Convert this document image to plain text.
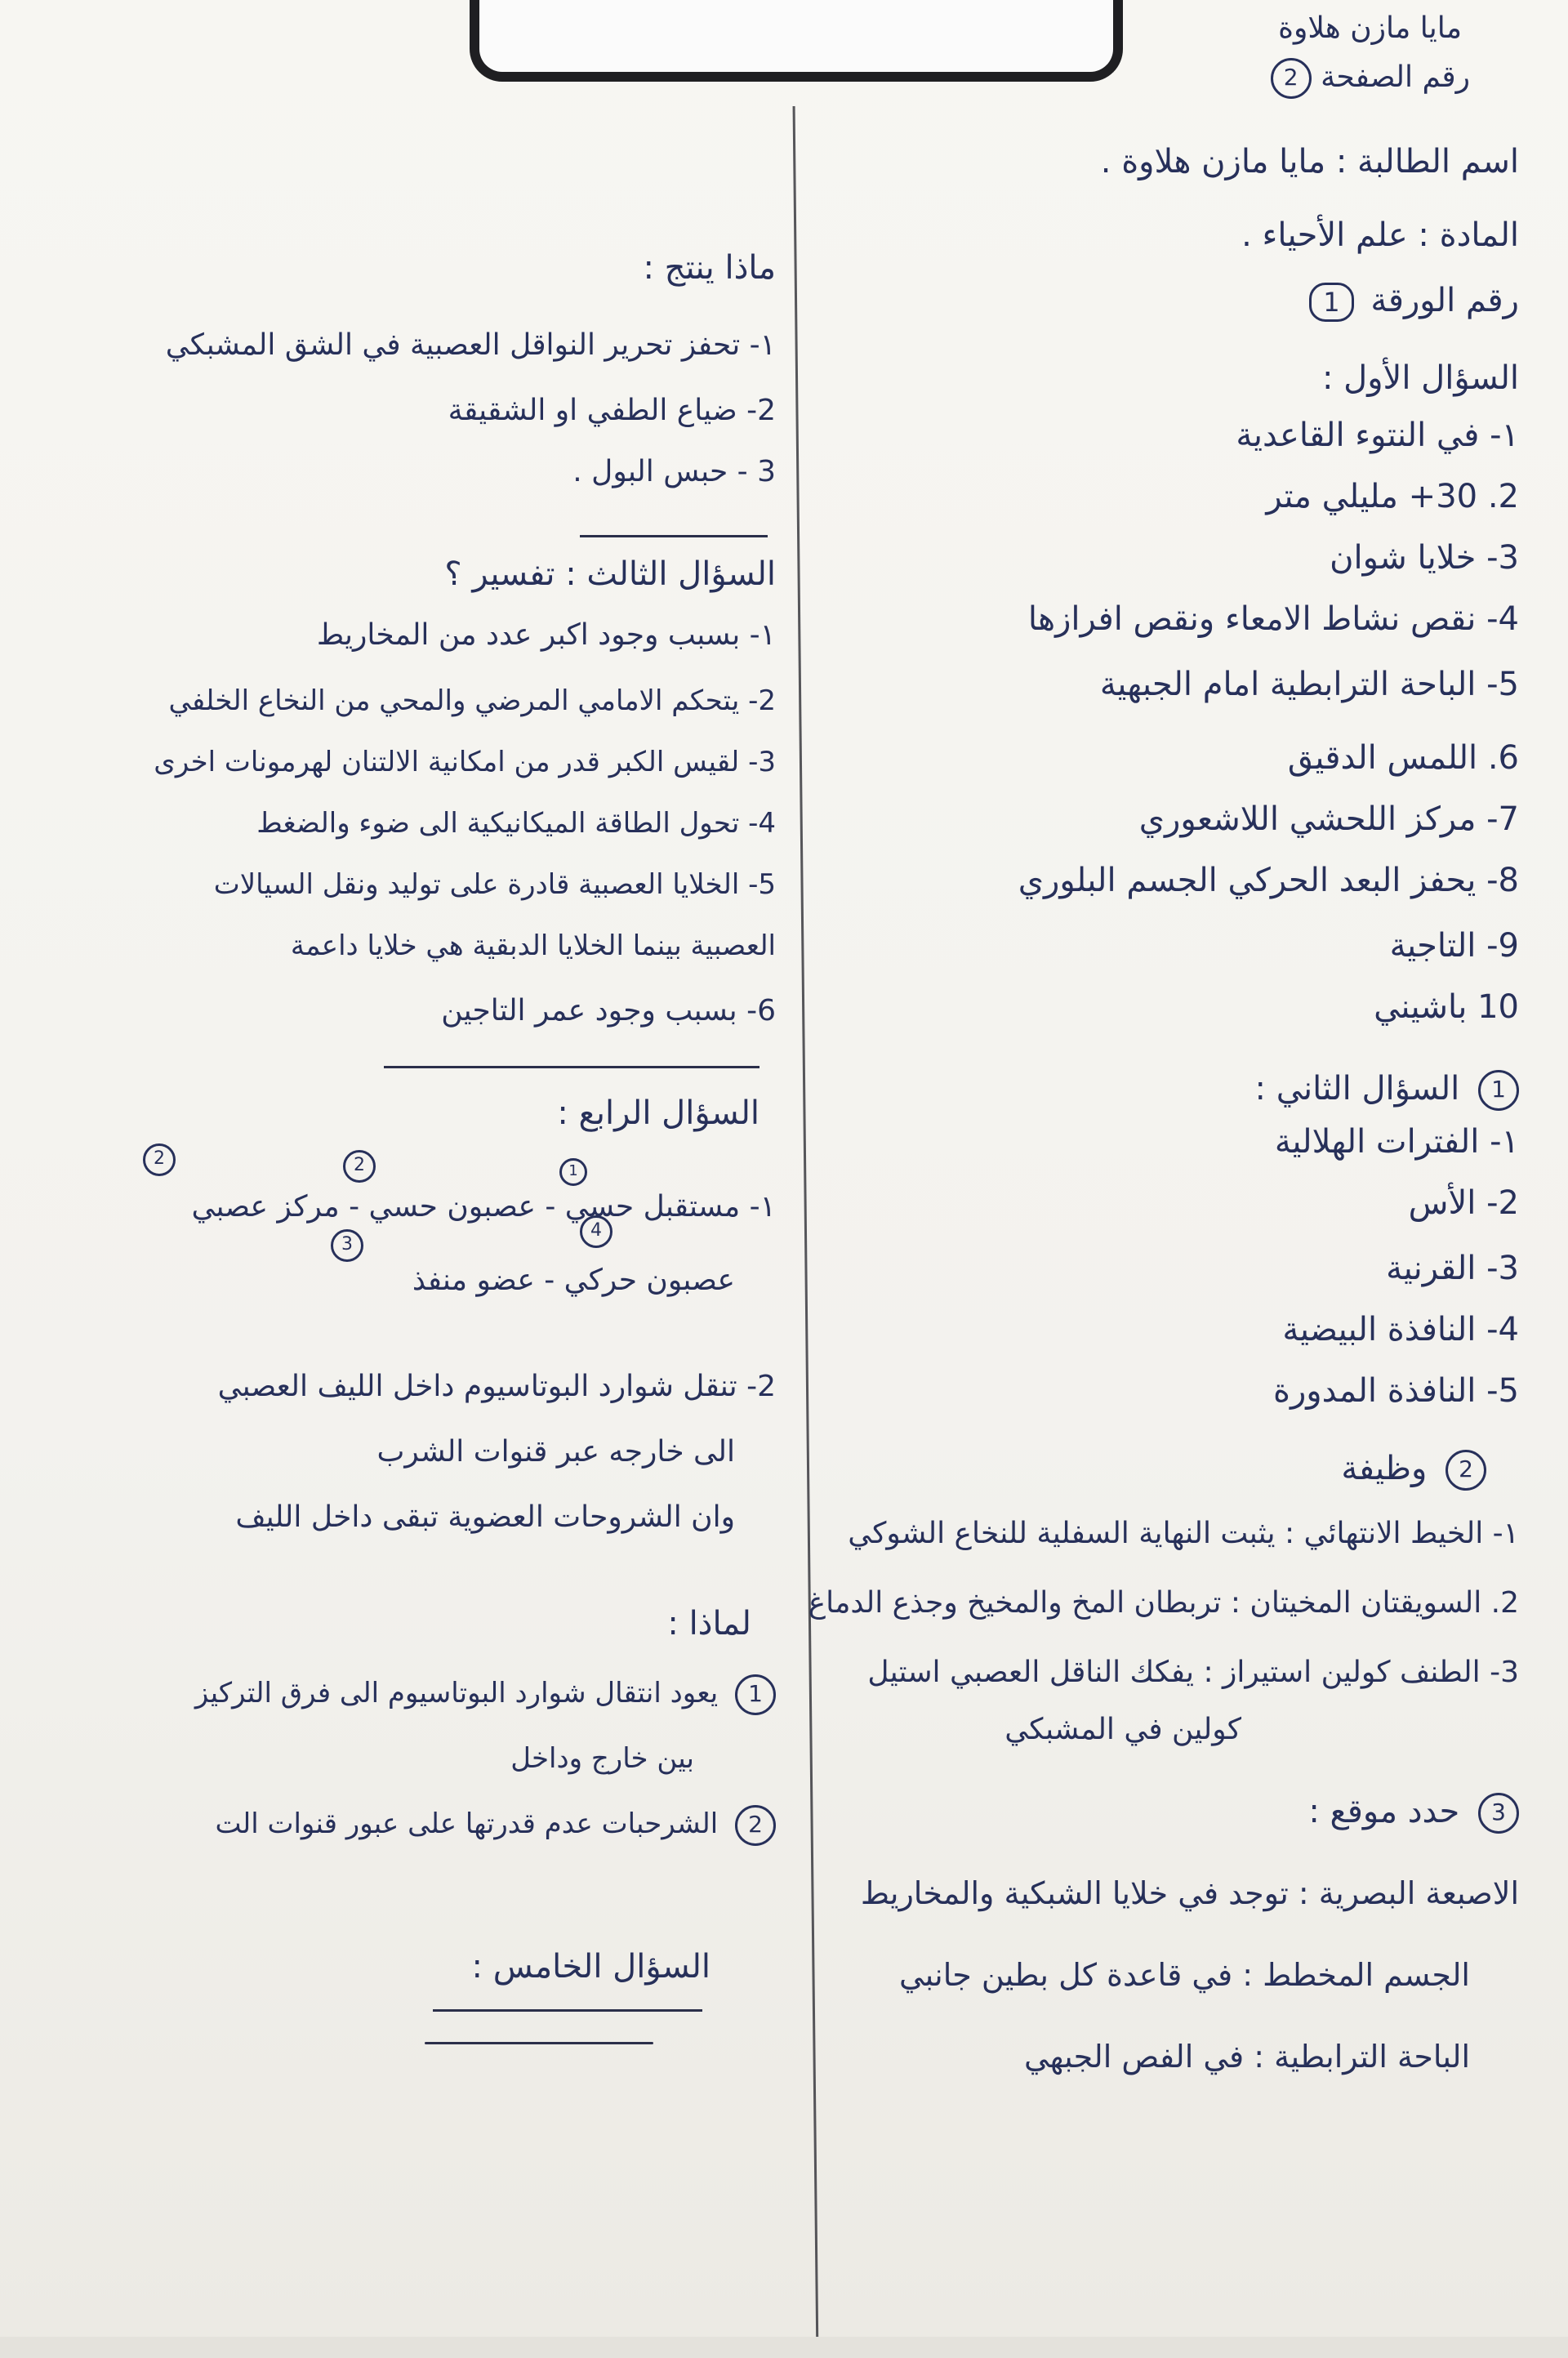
مايا مازن هلاوة
رقم الصفحة 2
اسم الطالبة : مايا مازن هلاوة .
المادة : علم الأحياء .
رقم الورقة 1
السؤال الأول :
١- في النتوء القاعدية
2. 30+ مليلي متر
3- خلايا شوان
4- نقص نشاط الامعاء ونقص افرازها
5- الباحة الترابطية امام الجبهية
6. اللمس الدقيق
7- مركز اللحشي اللاشعوري
8- يحفز البعد الحركي الجسم البلوري
9- التاجية
10 باشيني
1 السؤال الثاني :
١- الفترات الهلالية
2- الأس
3- القرنية
4- النافذة البيضية
5- النافذة المدورة
2 وظيفة
١- الخيط الانتهائي : يثبت النهاية السفلية للنخاع الشوكي
2. السويقتان المخيتان : تربطان المخ والمخيخ وجذع الدماغ
3- الطنف كولين استيراز : يفكك الناقل العصبي استيل
كولين في المشبكي
3 حدد موقع :
الاصبعة البصرية : توجد في خلايا الشبكية والمخاريط
الجسم المخطط : في قاعدة كل بطين جانبي
الباحة الترابطية : في الفص الجبهي
ماذا ينتج :
١- تحفز تحرير النواقل العصبية في الشق المشبكي
2- ضياع الطفي او الشقيقة
3 - حبس البول .
السؤال الثالث : تفسير ؟
١- بسبب وجود اكبر عدد من المخاريط
2- يتحكم الامامي المرضي والمحي من النخاع الخلفي
3- لقيس الكبر قدر من امكانية الالتنان لهرمونات اخرى
4- تحول الطاقة الميكانيكية الى ضوء والضغط
5- الخلايا العصبية قادرة على توليد ونقل السيالات
العصبية بينما الخلايا الدبقية هي خلايا داعمة
6- بسبب وجود عمر التاجين
السؤال الرابع :
2	2	1
١- مستقبل حسي - عصبون حسي - مركز عصبي
3
4
عصبون حركي - عضو منفذ
2- تنقل شوارد البوتاسيوم داخل الليف العصبي
الى خارجه عبر قنوات الشرب
وان الشروحات العضوية تبقى داخل الليف
لماذا :
1 يعود انتقال شوارد البوتاسيوم الى فرق التركيز
بين خارج وداخل
2 الشرحبات عدم قدرتها على عبور قنوات الت
السؤال الخامس :
